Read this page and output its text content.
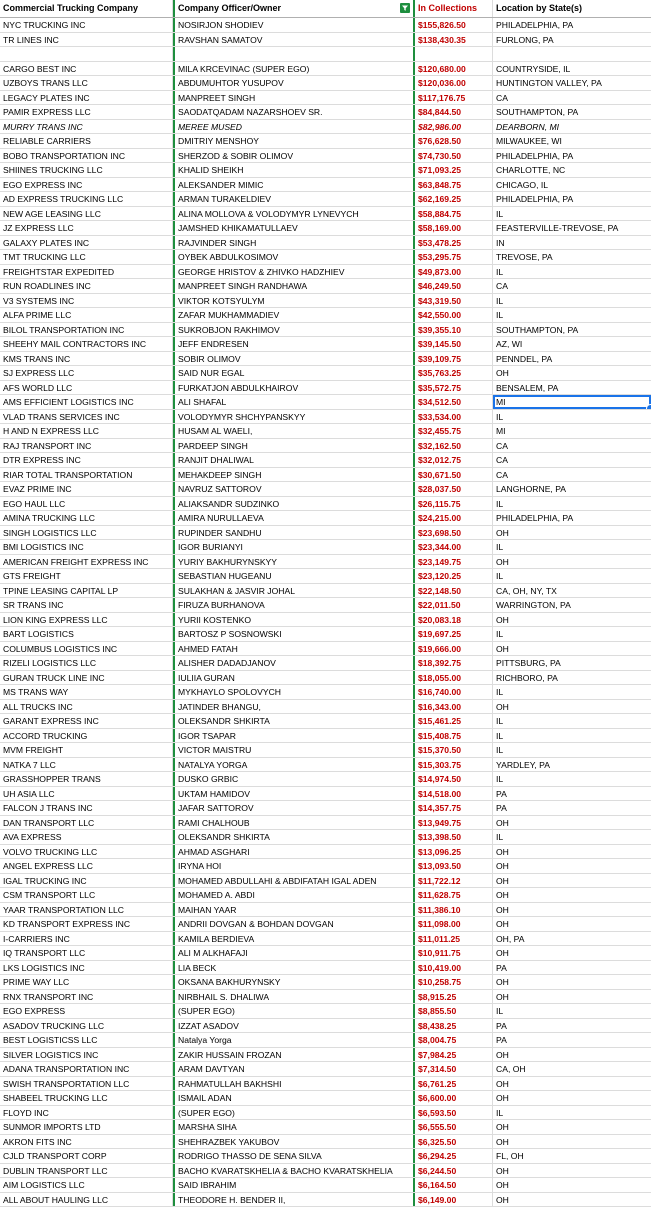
Commercial Trucking Company	Company Officer/Owner	In Collections	Location by State(s)
NYC TRUCKING INC	NOSIRJON SHODIEV	$155,826.50	PHILADELPHIA, PA
TR LINES INC	RAVSHAN SAMATOV	$138,430.35	FURLONG, PA
CARGO BEST INC	MILA KRCEVINAC (SUPER EGO)	$120,680.00	COUNTRYSIDE, IL
UZBOYS TRANS LLC	ABDUMUHTOR YUSUPOV	$120,036.00	HUNTINGTON VALLEY, PA
LEGACY PLATES INC	MANPREET SINGH	$117,176.75	CA
PAMIR EXPRESS LLC	SAODATQADAM NAZARSHOEV SR.	$84,844.50	SOUTHAMPTON, PA
MURRY TRANS INC	MEREE MUSED	$82,986.00	DEARBORN, MI
RELIABLE CARRIERS	DMITRIY MENSHOY	$76,628.50	MILWAUKEE, WI
BOBO TRANSPORTATION INC	SHERZOD & SOBIR OLIMOV	$74,730.50	PHILADELPHIA, PA
SHIINES TRUCKING LLC	KHALID SHEIKH	$71,093.25	CHARLOTTE, NC
EGO EXPRESS INC	ALEKSANDER MIMIC	$63,848.75	CHICAGO, IL
AD EXPRESS TRUCKING LLC	ARMAN TURAKELDIEV	$62,169.25	PHILADELPHIA, PA
NEW AGE LEASING LLC	ALINA MOLLOVA & VOLODYMYR LYNEVYCH	$58,884.75	IL
JZ EXPRESS LLC	JAMSHED KHIKAMATULLAEV	$58,169.00	FEASTERVILLE-TREVOSE, PA
GALAXY PLATES INC	RAJVINDER SINGH	$53,478.25	IN
TMT TRUCKING LLC	OYBEK ABDULKOSIMOV	$53,295.75	TREVOSE, PA
FREIGHTSTAR EXPEDITED	GEORGE HRISTOV & ZHIVKO HADZHIEV	$49,873.00	IL
RUN ROADLINES INC	MANPREET SINGH RANDHAWA	$46,249.50	CA
V3 SYSTEMS INC	VIKTOR KOTSYULYM	$43,319.50	IL
ALFA PRIME LLC	ZAFAR MUKHAMMADIEV	$42,550.00	IL
BILOL TRANSPORTATION INC	SUKROBJON RAKHIMOV	$39,355.10	SOUTHAMPTON, PA
SHEEHY MAIL CONTRACTORS INC	JEFF ENDRESEN	$39,145.50	AZ, WI
KMS TRANS INC	SOBIR OLIMOV	$39,109.75	PENNDEL, PA
SJ EXPRESS LLC	SAID NUR EGAL	$35,763.25	OH
AFS WORLD LLC	FURKATJON ABDULKHAIROV	$35,572.75	BENSALEM, PA
AMS EFFICIENT LOGISTICS INC	ALI SHAFAL	$34,512.50	MI
VLAD TRANS SERVICES INC	VOLODYMYR SHCHYPANSKYY	$33,534.00	IL
H AND N EXPRESS LLC	HUSAM AL WAELI,	$32,455.75	MI
RAJ TRANSPORT INC	PARDEEP SINGH	$32,162.50	CA
DTR EXPRESS INC	RANJIT DHALIWAL	$32,012.75	CA
RIAR TOTAL TRANSPORTATION	MEHAKDEEP SINGH	$30,671.50	CA
EVAZ PRIME INC	NAVRUZ SATTOROV	$28,037.50	LANGHORNE, PA
EGO HAUL LLC	ALIAKSANDR SUDZINKO	$26,115.75	IL
AMINA TRUCKING LLC	AMIRA NURULLAEVA	$24,215.00	PHILADELPHIA, PA
SINGH LOGISTICS LLC	RUPINDER SANDHU	$23,698.50	OH
BMI LOGISTICS INC	IGOR BURIANYI	$23,344.00	IL
AMERICAN FREIGHT EXPRESS INC	YURIY BAKHURYNSKYY	$23,149.75	OH
GTS FREIGHT	SEBASTIAN HUGEANU	$23,120.25	IL
TPINE LEASING CAPITAL LP	SULAKHAN & JASVIR JOHAL	$22,148.50	CA, OH, NY, TX
SR TRANS INC	FIRUZA BURHANOVA	$22,011.50	WARRINGTON, PA
LION KING EXPRESS LLC	YURII KOSTENKO	$20,083.18	OH
BART LOGISTICS	BARTOSZ P SOSNOWSKI	$19,697.25	IL
COLUMBUS LOGISTICS INC	AHMED FATAH	$19,666.00	OH
RIZELI LOGISTICS LLC	ALISHER DADADJANOV	$18,392.75	PITTSBURG, PA
GURAN TRUCK LINE INC	IULIIA GURAN	$18,055.00	RICHBORO, PA
MS TRANS WAY	MYKHAYLO SPOLOVYCH	$16,740.00	IL
ALL TRUCKS INC	JATINDER BHANGU,	$16,343.00	OH
GARANT EXPRESS INC	OLEKSANDR SHKIRTA	$15,461.25	IL
ACCORD TRUCKING	IGOR TSAPAR	$15,408.75	IL
MVM FREIGHT	VICTOR MAISTRU	$15,370.50	IL
NATKA 7 LLC	NATALYA YORGA	$15,303.75	YARDLEY, PA
GRASSHOPPER TRANS	DUSKO GRBIC	$14,974.50	IL
UH ASIA LLC	UKTAM HAMIDOV	$14,518.00	PA
FALCON J TRANS INC	JAFAR SATTOROV	$14,357.75	PA
DAN TRANSPORT LLC	RAMI CHALHOUB	$13,949.75	OH
AVA EXPRESS	OLEKSANDR SHKIRTA	$13,398.50	IL
VOLVO TRUCKING LLC	AHMAD ASGHARI	$13,096.25	OH
ANGEL EXPRESS LLC	IRYNA HOI	$13,093.50	OH
IGAL TRUCKING INC	MOHAMED ABDULLAHI & ABDIFATAH IGAL ADEN	$11,722.12	OH
CSM TRANSPORT LLC	MOHAMED A. ABDI	$11,628.75	OH
YAAR TRANSPORTATION LLC	MAIHAN YAAR	$11,386.10	OH
KD TRANSPORT EXPRESS INC	ANDRII DOVGAN & BOHDAN DOVGAN	$11,098.00	OH
I-CARRIERS INC	KAMILA BERDIEVA	$11,011.25	OH, PA
IQ TRANSPORT LLC	ALI M ALKHAFAJI	$10,911.75	OH
LKS LOGISTICS INC	LIA BECK	$10,419.00	PA
PRIME WAY LLC	OKSANA BAKHURYNSKY	$10,258.75	OH
RNX TRANSPORT INC	NIRBHAIL S. DHALIWA	$8,915.25	OH
EGO EXPRESS	(SUPER EGO)	$8,855.50	IL
ASADOV TRUCKING LLC	IZZAT ASADOV	$8,438.25	PA
BEST LOGISTICSS LLC	Natalya Yorga	$8,004.75	PA
SILVER LOGISTICS INC	ZAKIR HUSSAIN FROZAN	$7,984.25	OH
ADANA TRANSPORTATION INC	ARAM DAVTYAN	$7,314.50	CA, OH
SWISH TRANSPORTATION LLC	RAHMATULLAH BAKHSHI	$6,761.25	OH
SHABEEL TRUCKING LLC	ISMAIL ADAN	$6,600.00	OH
FLOYD INC	(SUPER EGO)	$6,593.50	IL
SUNMOR IMPORTS LTD	MARSHA SIHA	$6,555.50	OH
AKRON FITS INC	SHEHRAZBEK YAKUBOV	$6,325.50	OH
CJLD TRANSPORT CORP	RODRIGO THASSO DE SENA SILVA	$6,294.25	FL, OH
DUBLIN TRANSPORT LLC	BACHO KVARATSKHELIA & BACHO KVARATSKHELIA	$6,244.50	OH
AIM LOGISTICS LLC	SAID IBRAHIM	$6,164.50	OH
ALL ABOUT HAULING LLC	THEODORE H. BENDER II,	$6,149.00	OH
